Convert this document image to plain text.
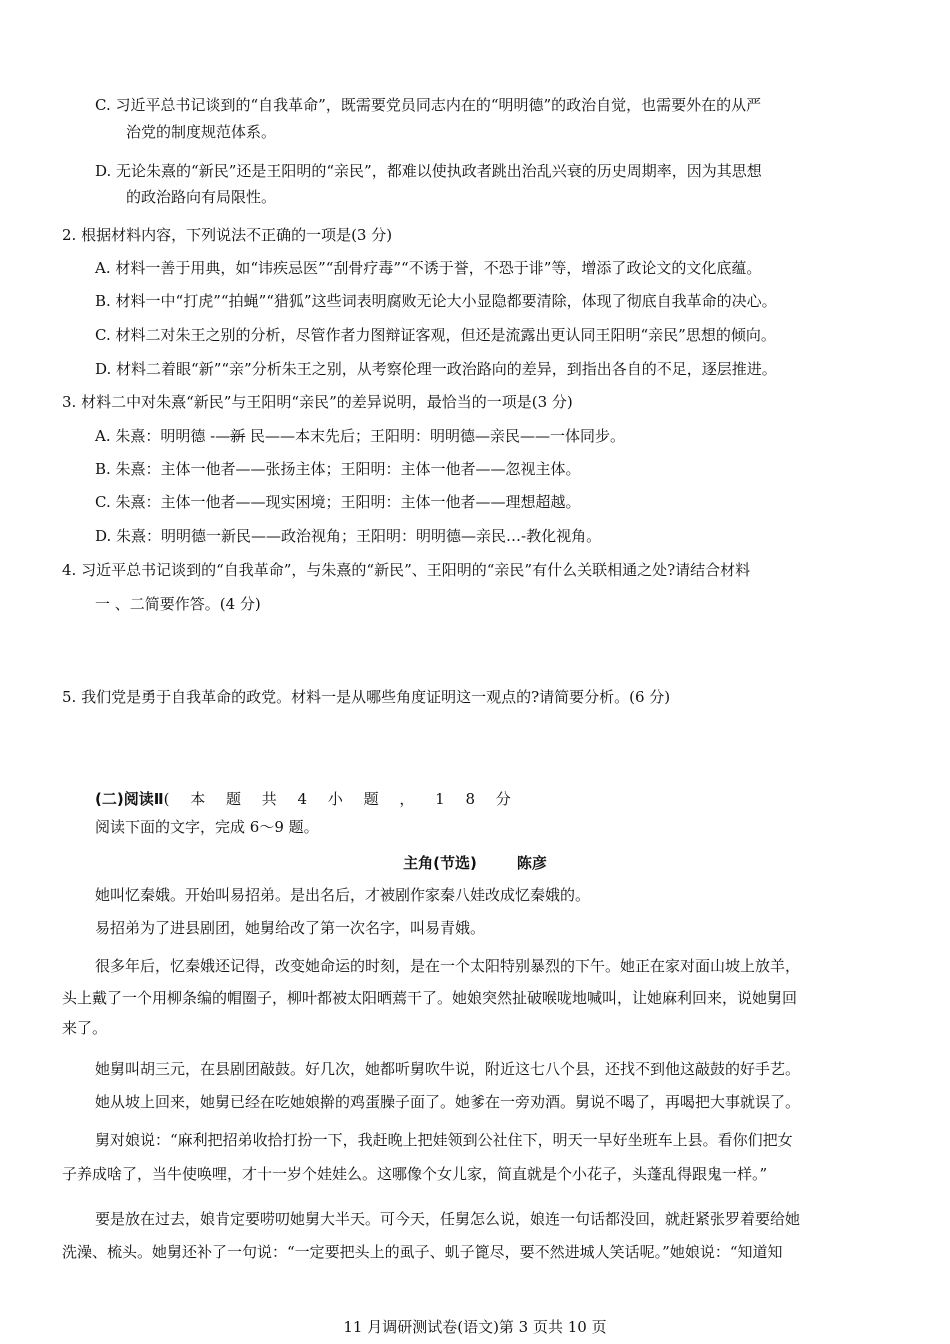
C. 习近平总书记谈到的“自我革命”，既需要党员同志内在的“明明德”的政治自觉，也需要外在的从严
治党的制度规范体系。
D. 无论朱熹的“新民”还是王阳明的“亲民”，都难以使执政者跳出治乱兴衰的历史周期率，因为其思想
的政治路向有局限性。
2. 根据材料内容，下列说法不正确的一项是(3 分)
A. 材料一善于用典，如“讳疾忌医”“刮骨疗毒”“不诱于誉，不恐于诽”等，增添了政论文的文化底蕴。
B. 材料一中“打虎”“拍蝇”“猎狐”这些词表明腐败无论大小显隐都要清除，体现了彻底自我革命的决心。
C. 材料二对朱王之别的分析，尽管作者力图辩证客观，但还是流露出更认同王阳明“亲民”思想的倾向。
D. 材料二着眼“新”“亲”分析朱王之别，从考察伦理一政治路向的差异，到指出各自的不足，逐层推进。
3. 材料二中对朱熹“新民”与王阳明“亲民”的差异说明，最恰当的一项是(3 分)
A. 朱熹：明明德 -—新 民——本末先后；王阳明：明明德—亲民——一体同步。
B. 朱熹：主体一他者——张扬主体；王阳明：主体一他者——忽视主体。
C. 朱熹：主体一他者——现实困境；王阳明：主体一他者——理想超越。
D. 朱熹：明明德一新民——政治视角；王阳明：明明德—亲民…-教化视角。
4. 习近平总书记谈到的“自我革命”，与朱熹的“新民”、王阳明的“亲民”有什么关联相通之处?请结合材料
一 、二简要作答。(4 分)
5. 我们党是勇于自我革命的政党。材料一是从哪些角度证明这一观点的?请简要分析。(6 分)
(二)阅读Ⅱ( 本 题 共 4 小 题 ， 1 8 分
阅读下面的文字，完成 6～9 题。
主角(节选)	陈彦
她叫忆秦娥。开始叫易招弟。是出名后，才被剧作家秦八娃改成忆秦娥的。
易招弟为了进县剧团，她舅给改了第一次名字，叫易青娥。
很多年后，忆秦娥还记得，改变她命运的时刻，是在一个太阳特别暴烈的下午。她正在家对面山坡上放羊，
头上戴了一个用柳条编的帽圈子，柳叶都被太阳晒蔫干了。她娘突然扯破喉咙地喊叫，让她麻利回来，说她舅回
来了。
她舅叫胡三元，在县剧团敲鼓。好几次，她都听舅吹牛说，附近这七八个县，还找不到他这敲鼓的好手艺。
她从坡上回来，她舅已经在吃她娘擀的鸡蛋臊子面了。她爹在一旁劝酒。舅说不喝了，再喝把大事就误了。
舅对娘说：“麻利把招弟收拾打扮一下，我赶晚上把娃领到公社住下，明天一早好坐班车上县。看你们把女
子养成啥了，当牛使唤哩，才十一岁个娃娃么。这哪像个女儿家，简直就是个小花子，头蓬乱得跟鬼一样。”
要是放在过去，娘肯定要唠叨她舅大半天。可今天，任舅怎么说，娘连一句话都没回，就赶紧张罗着要给她
洗澡、梳头。她舅还补了一句说：“一定要把头上的虱子、虮子篦尽，要不然进城人笑话呢。”她娘说：“知道知
11 月调研测试卷(语文)第 3 页共 10 页
